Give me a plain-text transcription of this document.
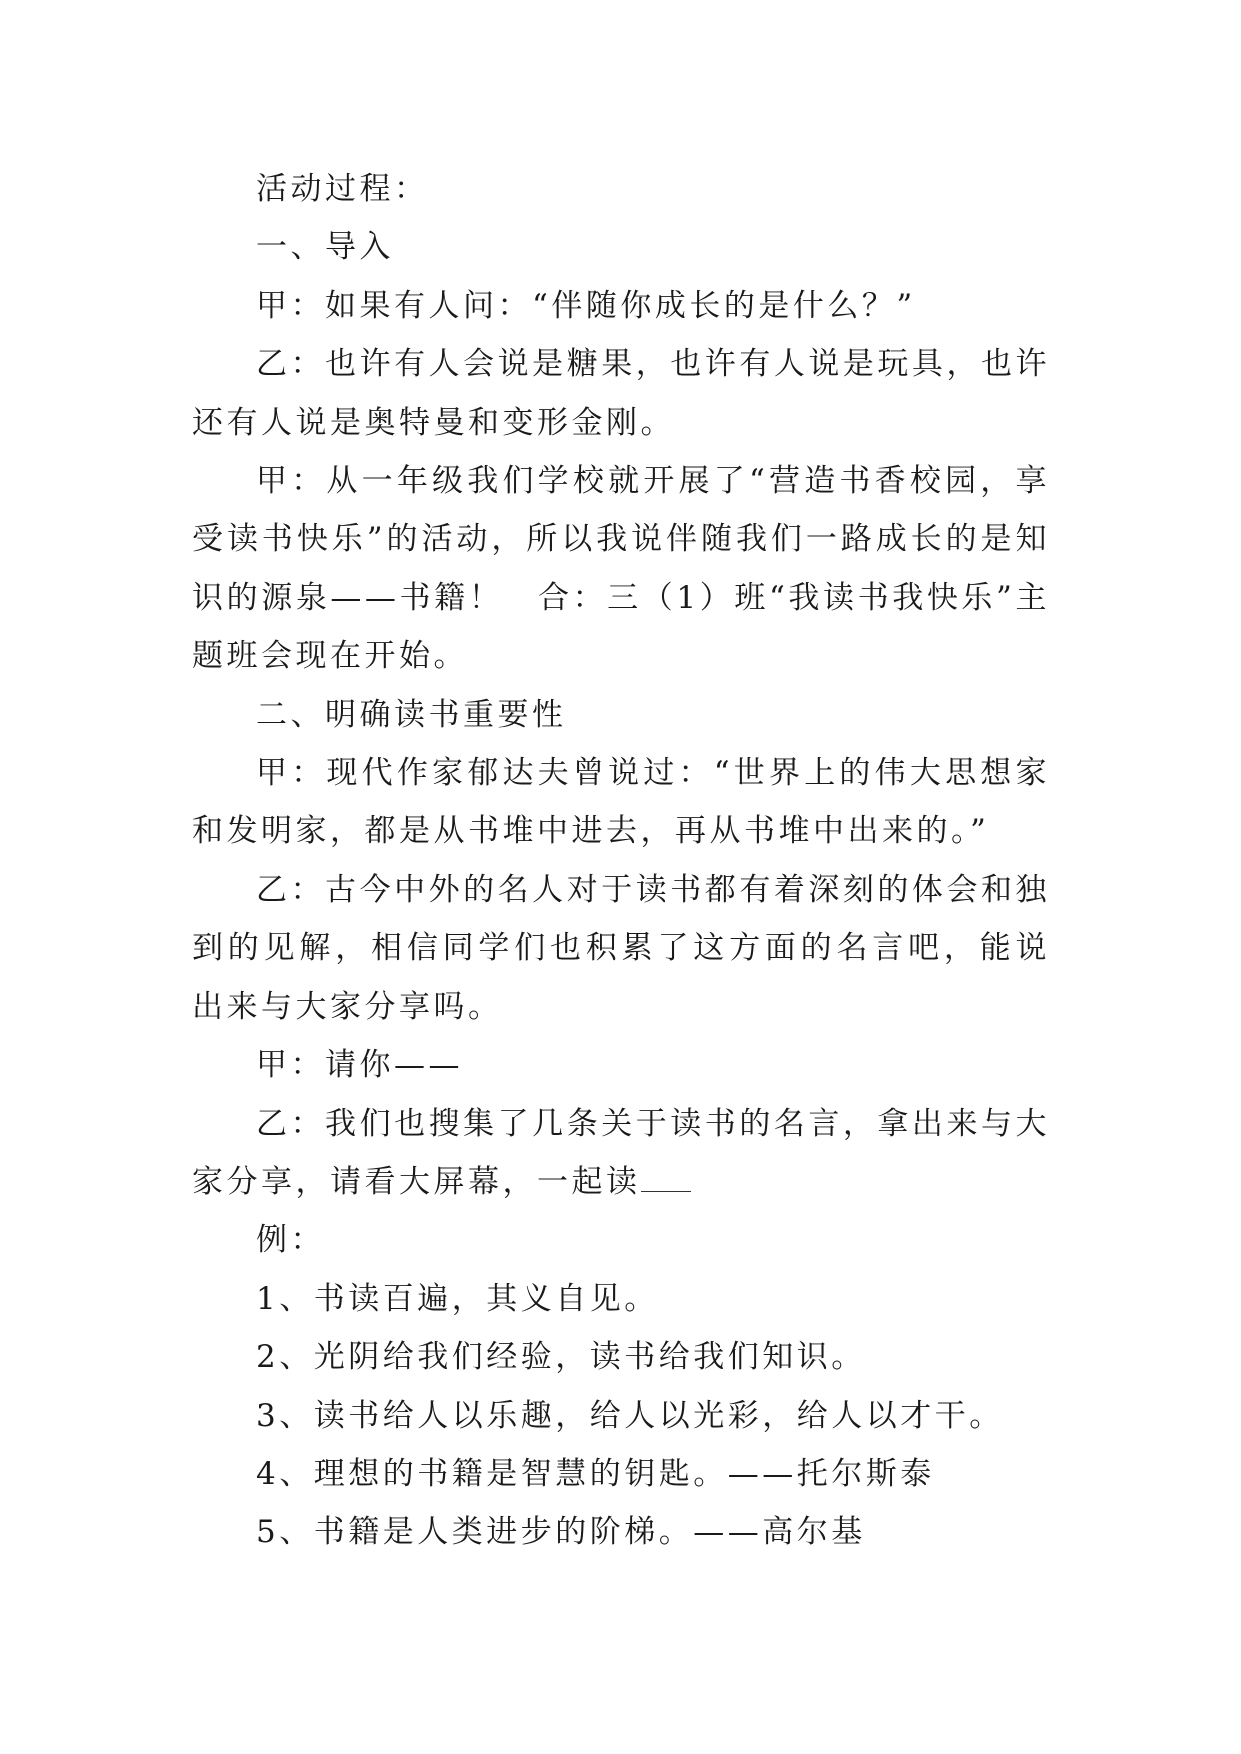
活动过程：

一、导入

甲：如果有人问：“伴随你成长的是什么？”

乙：也许有人会说是糖果，也许有人说是玩具，也许还有人说是奥特曼和变形金刚。

甲：从一年级我们学校就开展了“营造书香校园，享受读书快乐”的活动，所以我说伴随我们一路成长的是知识的源泉——书籍！　合：三（1）班“我读书我快乐”主题班会现在开始。

二、明确读书重要性

甲：现代作家郁达夫曾说过：“世界上的伟大思想家和发明家，都是从书堆中进去，再从书堆中出来的。”

乙：古今中外的名人对于读书都有着深刻的体会和独到的见解，相信同学们也积累了这方面的名言吧，能说出来与大家分享吗。

甲：请你——

乙：我们也搜集了几条关于读书的名言，拿出来与大家分享，请看大屏幕，一起读

例：

1、书读百遍，其义自见。

2、光阴给我们经验，读书给我们知识。

3、读书给人以乐趣，给人以光彩，给人以才干。

4、理想的书籍是智慧的钥匙。——托尔斯泰

5、书籍是人类进步的阶梯。——高尔基
